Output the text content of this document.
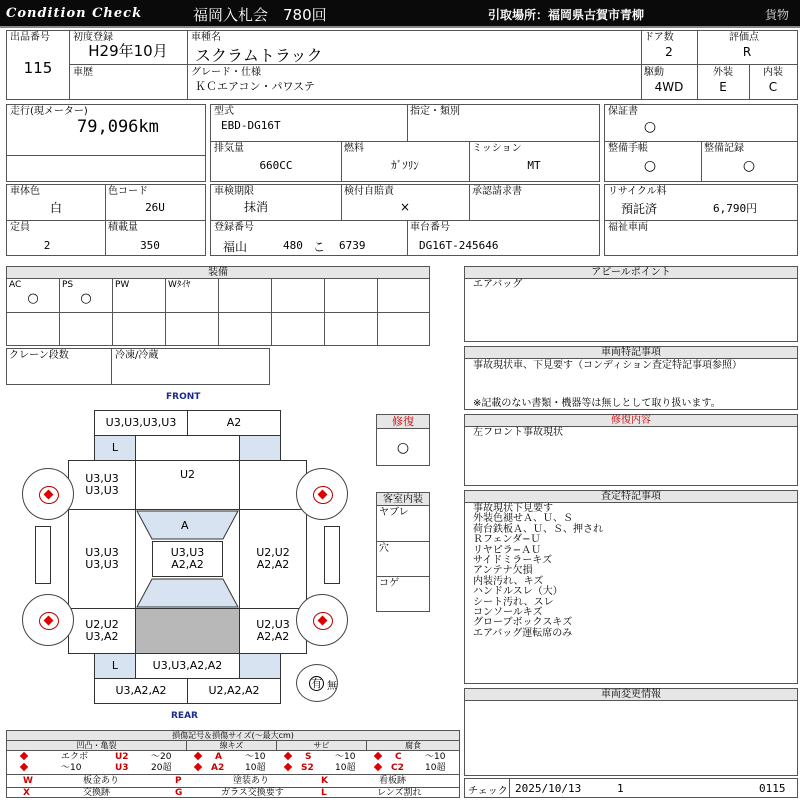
Condition Check	福岡入札会　780回	引取場所：福岡県古賀市青柳	貨物
出品番号
115
初度登録
H29年10月
車歴
車種名
スクラムトラック
グレード・仕様
ＫＣエアコン・パワステ
ドア数
2
駆動
4WD
評価点
R
外装
E
内装
C
走行(現メーター)
79,096km
型式
EBD-DG16T
指定・類別
排気量
660CC
燃料
ｶﾞｿﾘﾝ
ミッション
MT
保証書
○
整備手帳
○
整備記録
○
車体色
白
色コード
26U
定員
2
積載量
350
車検期限
抹消
検付自賠責
×
承認請求書
登録番号
福山	480 こ 6739
車台番号
DG16T-245646
リサイクル料
預託済	6,790円
福祉車両
装備
AC
○
PS
○
PW	Wﾀｲﾔ
クレーン段数	冷凍/冷蔵
アピールポイント
エアバッグ
車両特記事項
事故現状車、下見要す（コンディション査定特記事項参照）
※記載のない書類・機器等は無しとして取り扱います。
修復内容
左フロント事故現状
査定特記事項
事故現状下見要す
外装色褪せＡ、Ｕ、Ｓ
荷台鉄板Ａ、Ｕ、Ｓ、押され
Ｒフェンダ−Ｕ
リヤピラ−ＡＵ
サイドミラーキズ
アンテナ欠損
内装汚れ、キズ
ハンドルスレ（大）
シート汚れ、スレ
コンソールキズ
グローブボックスキズ
エアバッグ運転席のみ
車両変更情報
チェック 2025/10/13	1	0115
修復
○
客室内装
ヤブレ
穴
コゲ
FRONT
REAR
U3,U3,U3,U3	A2
L
U3,U3
U3,U3
U2
U3,U3
U3,U3
U2,U2
A2,A2
A
U3,U3
A2,A2
U2,U2
U3,A2
U2,U3
A2,A2
L	U3,U3,A2,A2
U3,A2,A2	U2,A2,A2
有 無
損傷記号＆損傷サイズ(〜最大cm)
凹凸・亀裂	線キズ	サビ	腐食
エクボ	U2 〜20
〜10	U3 20超
A	〜10
A2 10超
S	〜10
S2 10超
C	〜10
C2 10超
W	板金あり	P	塗装あり	K	看板跡
X	交換跡	G	ガラス交換要す	L	レンズ割れ
